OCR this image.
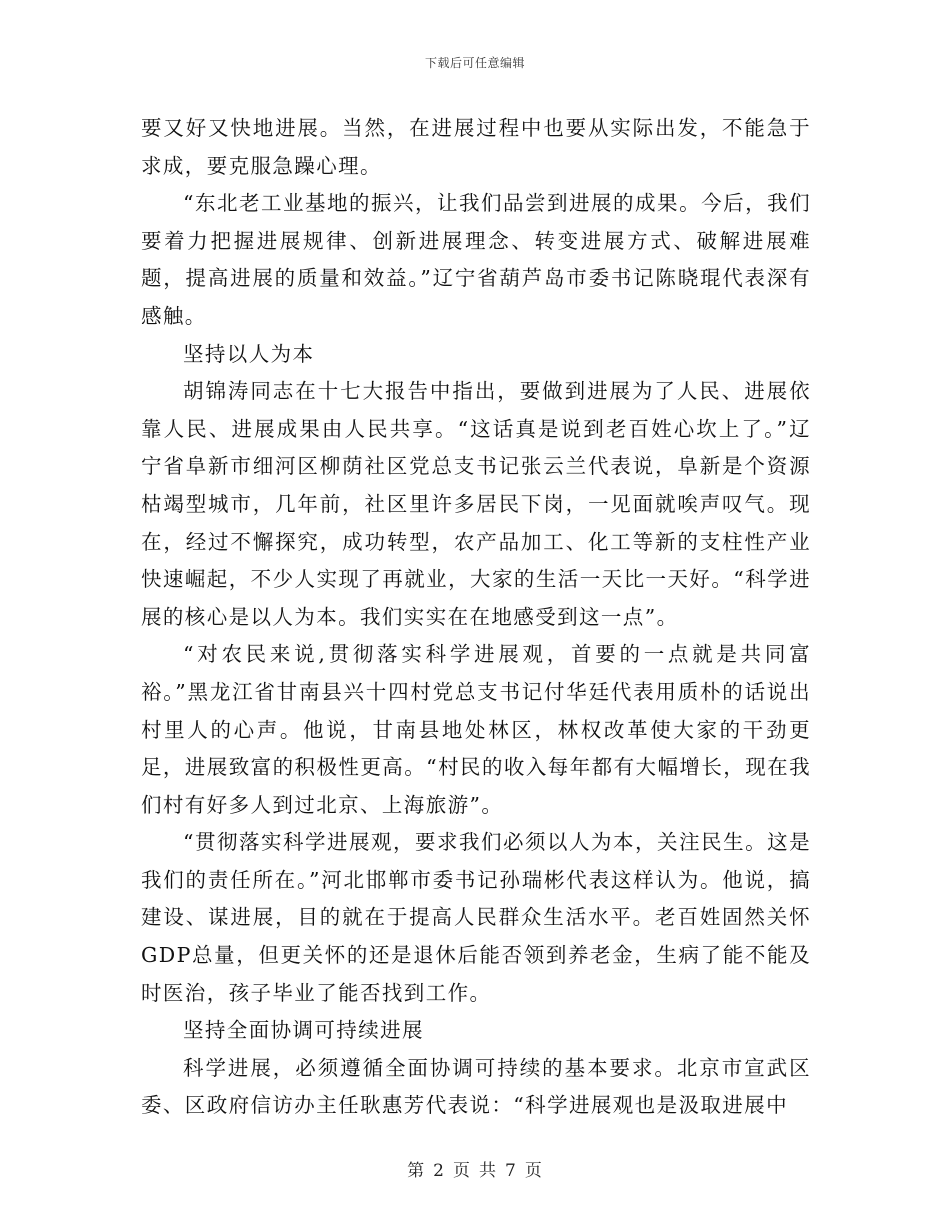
下载后可任意编辑

要又好又快地进展。当然，在进展过程中也要从实际出发，不能急于求成，要克服急躁心理。

“东北老工业基地的振兴，让我们品尝到进展的成果。今后，我们要着力把握进展规律、创新进展理念、转变进展方式、破解进展难题，提高进展的质量和效益。”辽宁省葫芦岛市委书记陈晓琨代表深有感触。

坚持以人为本

胡锦涛同志在十七大报告中指出，要做到进展为了人民、进展依靠人民、进展成果由人民共享。“这话真是说到老百姓心坎上了。”辽宁省阜新市细河区柳荫社区党总支书记张云兰代表说，阜新是个资源枯竭型城市，几年前，社区里许多居民下岗，一见面就唉声叹气。现在，经过不懈探究，成功转型，农产品加工、化工等新的支柱性产业快速崛起，不少人实现了再就业，大家的生活一天比一天好。“科学进展的核心是以人为本。我们实实在在地感受到这一点”。

“对农民来说,贯彻落实科学进展观，首要的一点就是共同富裕。”黑龙江省甘南县兴十四村党总支书记付华廷代表用质朴的话说出村里人的心声。他说，甘南县地处林区，林权改革使大家的干劲更足，进展致富的积极性更高。“村民的收入每年都有大幅增长，现在我们村有好多人到过北京、上海旅游”。

“贯彻落实科学进展观，要求我们必须以人为本，关注民生。这是我们的责任所在。”河北邯郸市委书记孙瑞彬代表这样认为。他说，搞建设、谋进展，目的就在于提高人民群众生活水平。老百姓固然关怀GDP总量，但更关怀的还是退休后能否领到养老金，生病了能不能及时医治，孩子毕业了能否找到工作。

坚持全面协调可持续进展

科学进展，必须遵循全面协调可持续的基本要求。北京市宣武区委、区政府信访办主任耿惠芳代表说：“科学进展观也是汲取进展中

第 2 页 共 7 页
